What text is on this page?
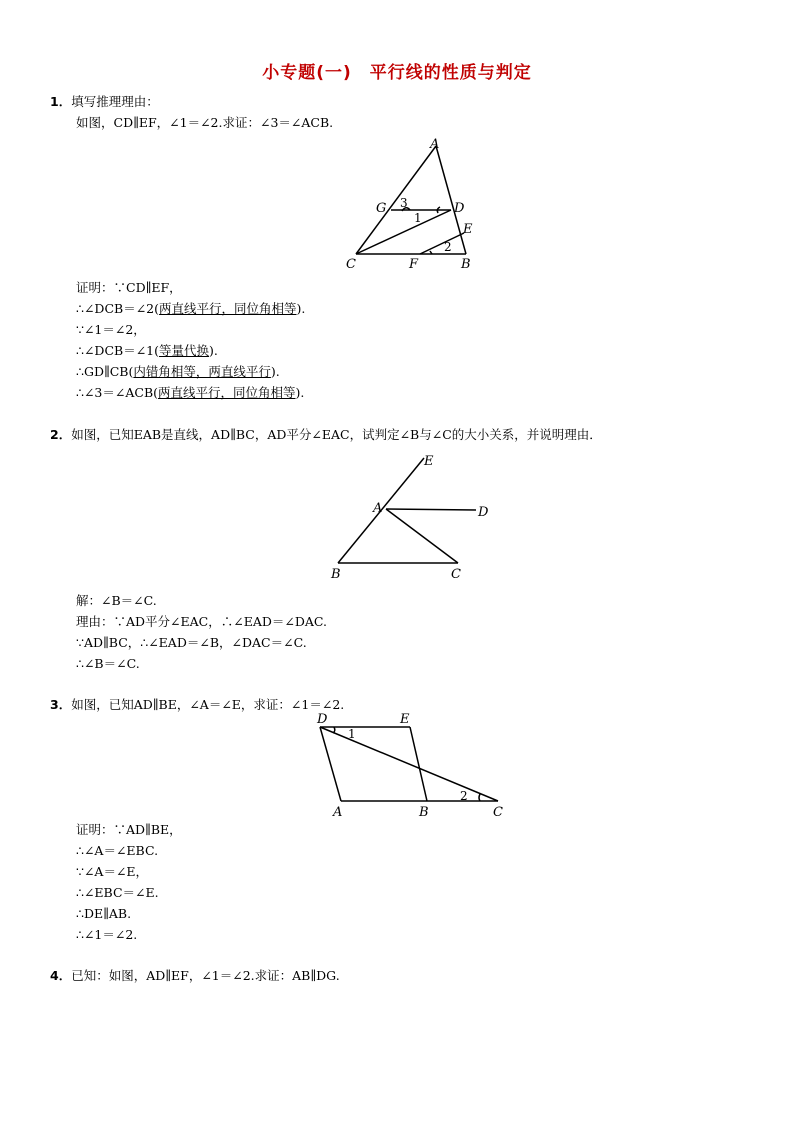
小专题(一)　平行线的性质与判定
1．填写推理理由：
如图，CD∥EF，∠1＝∠2.求证：∠3＝∠ACB.
A
G	D
E
C	F	B
3
1
2
证明：∵CD∥EF，
∴∠DCB＝∠2(两直线平行，同位角相等).
∵∠1＝∠2，
∴∠DCB＝∠1(等量代换).
∴GD∥CB(内错角相等，两直线平行).
∴∠3＝∠ACB(两直线平行，同位角相等).
2．如图，已知EAB是直线，AD∥BC，AD平分∠EAC，试判定∠B与∠C的大小关系，并说明理由．
E
A	D
B	C
解：∠B＝∠C.
理由：∵AD平分∠EAC，∴∠EAD＝∠DAC.
∵AD∥BC，∴∠EAD＝∠B，∠DAC＝∠C.
∴∠B＝∠C.
3．如图，已知AD∥BE，∠A＝∠E，求证：∠1＝∠2.
D	E
A	B	C
1
2
证明：∵AD∥BE，
∴∠A＝∠EBC.
∵∠A＝∠E，
∴∠EBC＝∠E.
∴DE∥AB.
∴∠1＝∠2.
4．已知：如图，AD∥EF，∠1＝∠2.求证：AB∥DG.
